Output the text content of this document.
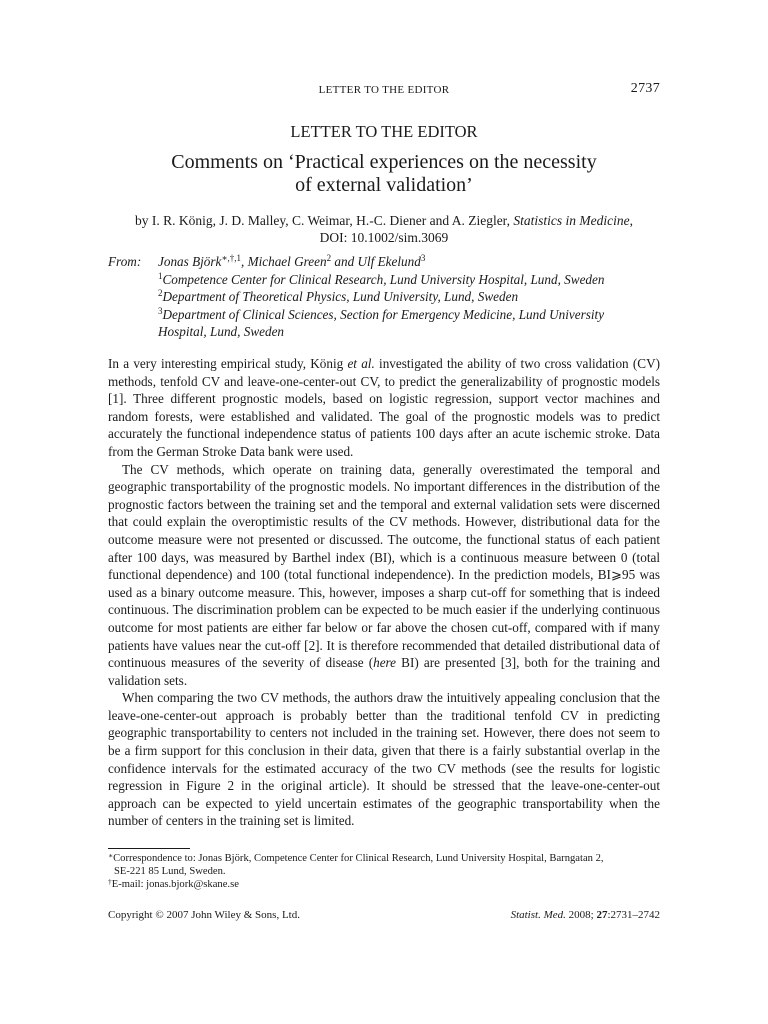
LETTER TO THE EDITOR	2737
LETTER TO THE EDITOR
Comments on ‘Practical experiences on the necessity
of external validation’
by I. R. König, J. D. Malley, C. Weimar, H.-C. Diener and A. Ziegler, Statistics in Medicine,
DOI: 10.1002/sim.3069
From: Jonas Björk$^{∗,\dagger,1}$, Michael Green$^2$ and Ulf Ekelund$^3$
$^1$Competence Center for Clinical Research, Lund University Hospital, Lund, Sweden
$^2$Department of Theoretical Physics, Lund University, Lund, Sweden
$^3$Department of Clinical Sciences, Section for Emergency Medicine, Lund University
Hospital, Lund, Sweden

In a very interesting empirical study, König et al. investigated the ability of two cross validation (CV) methods, tenfold CV and leave-one-center-out CV, to predict the generalizability of prognostic models [1]. Three different prognostic models, based on logistic regression, support vector machines and random forests, were established and validated. The goal of the prognostic models was to predict accurately the functional independence status of patients 100 days after an acute ischemic stroke. Data from the German Stroke Data bank were used.

The CV methods, which operate on training data, generally overestimated the temporal and geographic transportability of the prognostic models. No important differences in the distribution of the prognostic factors between the training set and the temporal and external validation sets were discerned that could explain the overoptimistic results of the CV methods. However, distributional data for the outcome measure were not presented or discussed. The outcome, the functional status of each patient after 100 days, was measured by Barthel index (BI), which is a continuous measure between 0 (total functional dependence) and 100 (total functional independence). In the prediction models, BI⩾95 was used as a binary outcome measure. This, however, imposes a sharp cut-off for something that is indeed continuous. The discrimination problem can be expected to be much easier if the underlying continuous outcome for most patients are either far below or far above the chosen cut-off, compared with if many patients have values near the cut-off [2]. It is therefore recommended that detailed distributional data of continuous measures of the severity of disease (here BI) are presented [3], both for the training and validation sets.

When comparing the two CV methods, the authors draw the intuitively appealing conclusion that the leave-one-center-out approach is probably better than the traditional tenfold CV in predicting geographic transportability to centers not included in the training set. However, there does not seem to be a firm support for this conclusion in their data, given that there is a fairly substantial overlap in the confidence intervals for the estimated accuracy of the two CV methods (see the results for logistic regression in Figure 2 in the original article). It should be stressed that the leave-one-center-out approach can be expected to yield uncertain estimates of the geographic transportability when the number of centers in the training set is limited.

∗Correspondence to: Jonas Björk, Competence Center for Clinical Research, Lund University Hospital, Barngatan 2,
SE-221 85 Lund, Sweden.
†E-mail: jonas.bjork@skane.se
Copyright © 2007 John Wiley & Sons, Ltd.	Statist. Med. 2008; 27:2731–2742
